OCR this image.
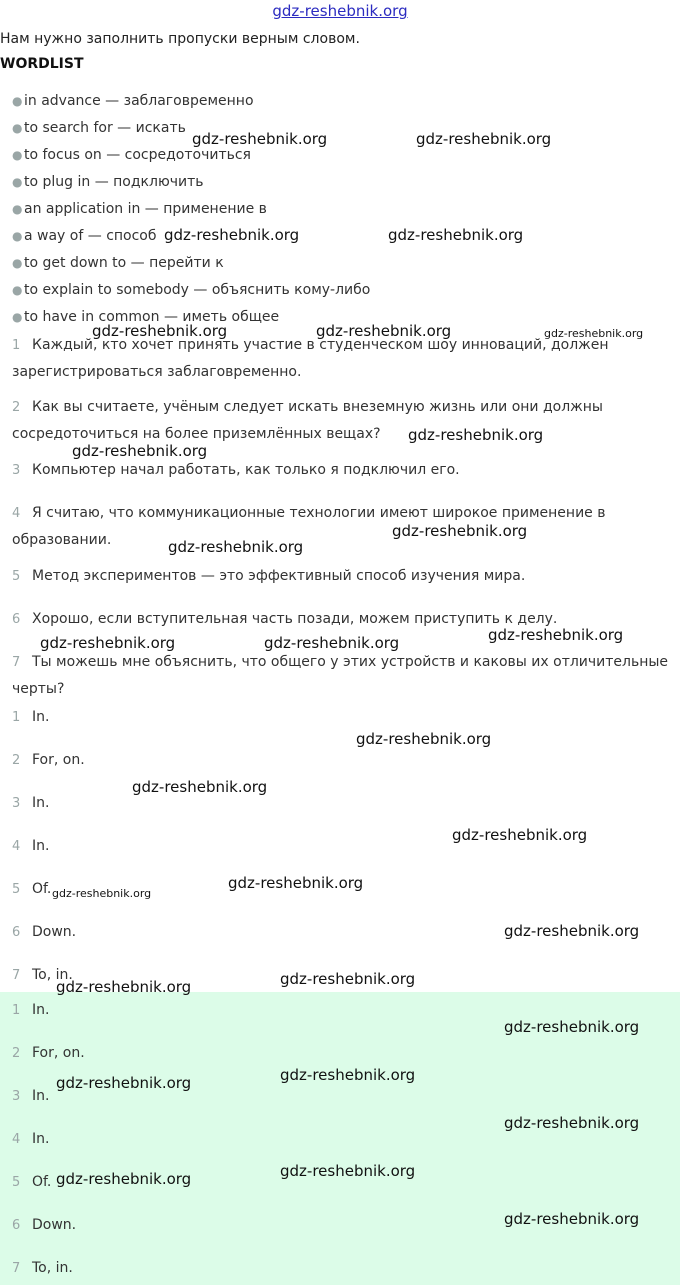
gdz-reshebnik.org
Нам нужно заполнить пропуски верным словом.
WORDLIST
● in advance — заблаговременно
● to search for — искать
● to focus on — сосредоточиться
● to plug in — подключить
● an application in — применение в
● a way of — способ
● to get down to — перейти к
● to explain to somebody — объяснить кому-либо
● to have in common — иметь общее
1 Каждый, кто хочет принять участие в студенческом шоу инноваций, должен
зарегистрироваться заблаговременно.
2 Как вы считаете, учёным следует искать внеземную жизнь или они должны
сосредоточиться на более приземлённых вещах?
3 Компьютер начал работать, как только я подключил его.
4 Я считаю, что коммуникационные технологии имеют широкое применение в
образовании.
5 Метод экспериментов — это эффективный способ изучения мира.
6 Хорошо, если вступительная часть позади, можем приступить к делу.
7 Ты можешь мне объяснить, что общего у этих устройств и каковы их отличительные
черты?
1 In.
2 For, on.
3 In.
4 In.
5 Of.
6 Down.
7 To, in.
1 In.
2 For, on.
3 In.
4 In.
5 Of.
6 Down.
7 To, in.
gdz-reshebnik.org	gdz-reshebnik.org
gdz-reshebnik.org	gdz-reshebnik.org
gdz-reshebnik.org	gdz-reshebnik.org	gdz-reshebnik.org
gdz-reshebnik.org
gdz-reshebnik.org
gdz-reshebnik.org
gdz-reshebnik.org
gdz-reshebnik.org
gdz-reshebnik.org	gdz-reshebnik.org
gdz-reshebnik.org
gdz-reshebnik.org
gdz-reshebnik.org
gdz-reshebnik.org
gdz-reshebnik.org
gdz-reshebnik.org
gdz-reshebnik.org
gdz-reshebnik.org
gdz-reshebnik.org
gdz-reshebnik.org
gdz-reshebnik.org
gdz-reshebnik.org
gdz-reshebnik.org
gdz-reshebnik.org
gdz-reshebnik.org
